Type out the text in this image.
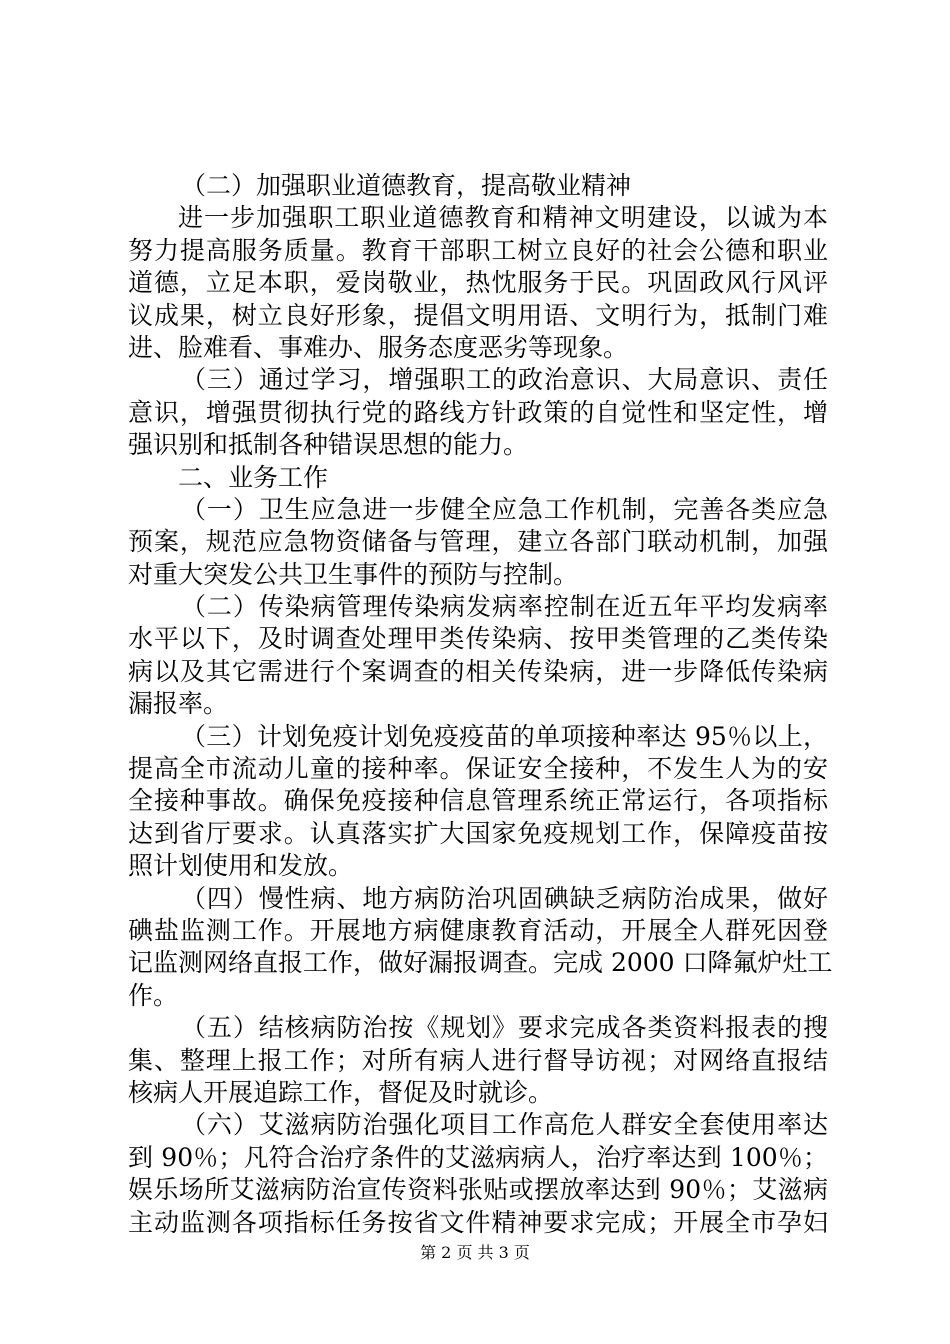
（二）加强职业道德教育，提高敬业精神
进一步加强职工职业道德教育和精神文明建设，以诚为本
努力提高服务质量。教育干部职工树立良好的社会公德和职业
道德，立足本职，爱岗敬业，热忱服务于民。巩固政风行风评
议成果，树立良好形象，提倡文明用语、文明行为，抵制门难
进、脸难看、事难办、服务态度恶劣等现象。
（三）通过学习，增强职工的政治意识、大局意识、责任
意识，增强贯彻执行党的路线方针政策的自觉性和坚定性，增
强识别和抵制各种错误思想的能力。
二、业务工作
（一）卫生应急进一步健全应急工作机制，完善各类应急
预案，规范应急物资储备与管理，建立各部门联动机制，加强
对重大突发公共卫生事件的预防与控制。
（二）传染病管理传染病发病率控制在近五年平均发病率
水平以下，及时调查处理甲类传染病、按甲类管理的乙类传染
病以及其它需进行个案调查的相关传染病，进一步降低传染病
漏报率。
（三）计划免疫计划免疫疫苗的单项接种率达 95％以上，
提高全市流动儿童的接种率。保证安全接种，不发生人为的安
全接种事故。确保免疫接种信息管理系统正常运行，各项指标
达到省厅要求。认真落实扩大国家免疫规划工作，保障疫苗按
照计划使用和发放。
（四）慢性病、地方病防治巩固碘缺乏病防治成果，做好
碘盐监测工作。开展地方病健康教育活动，开展全人群死因登
记监测网络直报工作，做好漏报调查。完成 2000 口降氟炉灶工
作。
（五）结核病防治按《规划》要求完成各类资料报表的搜
集、整理上报工作；对所有病人进行督导访视；对网络直报结
核病人开展追踪工作，督促及时就诊。
（六）艾滋病防治强化项目工作高危人群安全套使用率达
到 90％；凡符合治疗条件的艾滋病病人，治疗率达到 100％；
娱乐场所艾滋病防治宣传资料张贴或摆放率达到 90％；艾滋病
主动监测各项指标任务按省文件精神要求完成；开展全市孕妇
第 2 页 共 3 页
